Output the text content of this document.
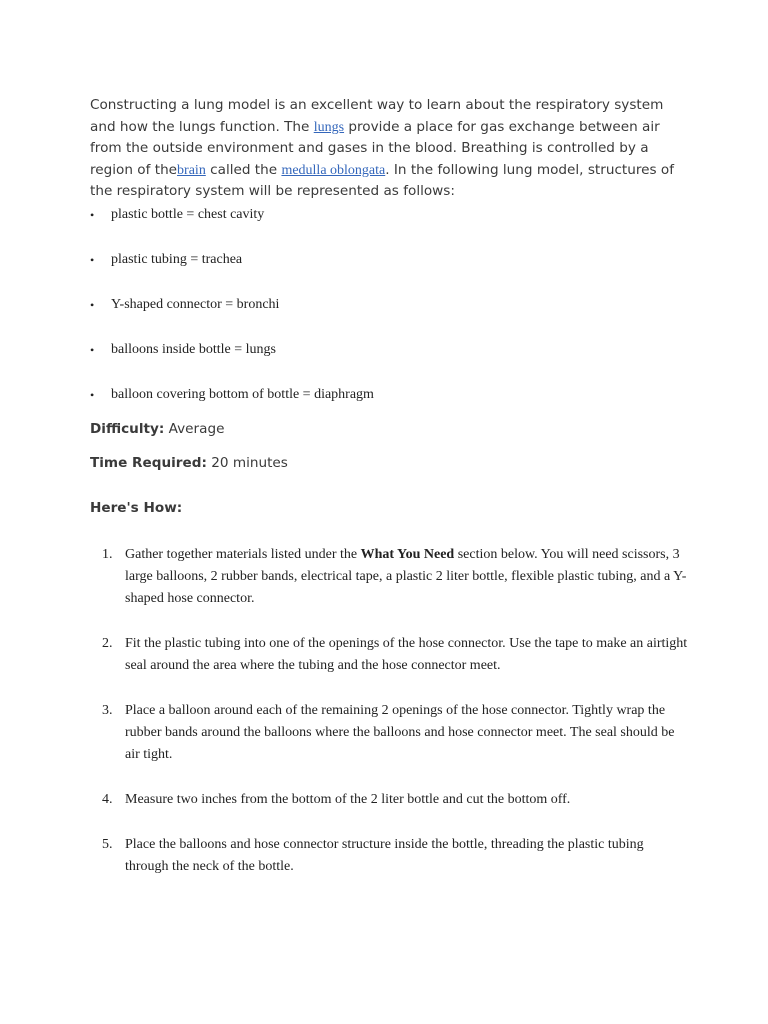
Constructing a lung model is an excellent way to learn about the respiratory system and how the lungs function. The lungs provide a place for gas exchange between air from the outside environment and gases in the blood. Breathing is controlled by a region of thebrain called the medulla oblongata. In the following lung model, structures of the respiratory system will be represented as follows:

• plastic bottle = chest cavity
• plastic tubing = trachea
• Y-shaped connector = bronchi
• balloons inside bottle = lungs
• balloon covering bottom of bottle = diaphragm

Difficulty: Average

Time Required: 20 minutes

Here's How:

1. Gather together materials listed under the What You Need section below. You will need scissors, 3 large balloons, 2 rubber bands, electrical tape, a plastic 2 liter bottle, flexible plastic tubing, and a Y-shaped hose connector.
2. Fit the plastic tubing into one of the openings of the hose connector. Use the tape to make an airtight seal around the area where the tubing and the hose connector meet.
3. Place a balloon around each of the remaining 2 openings of the hose connector. Tightly wrap the rubber bands around the balloons where the balloons and hose connector meet. The seal should be air tight.
4. Measure two inches from the bottom of the 2 liter bottle and cut the bottom off.
5. Place the balloons and hose connector structure inside the bottle, threading the plastic tubing through the neck of the bottle.
